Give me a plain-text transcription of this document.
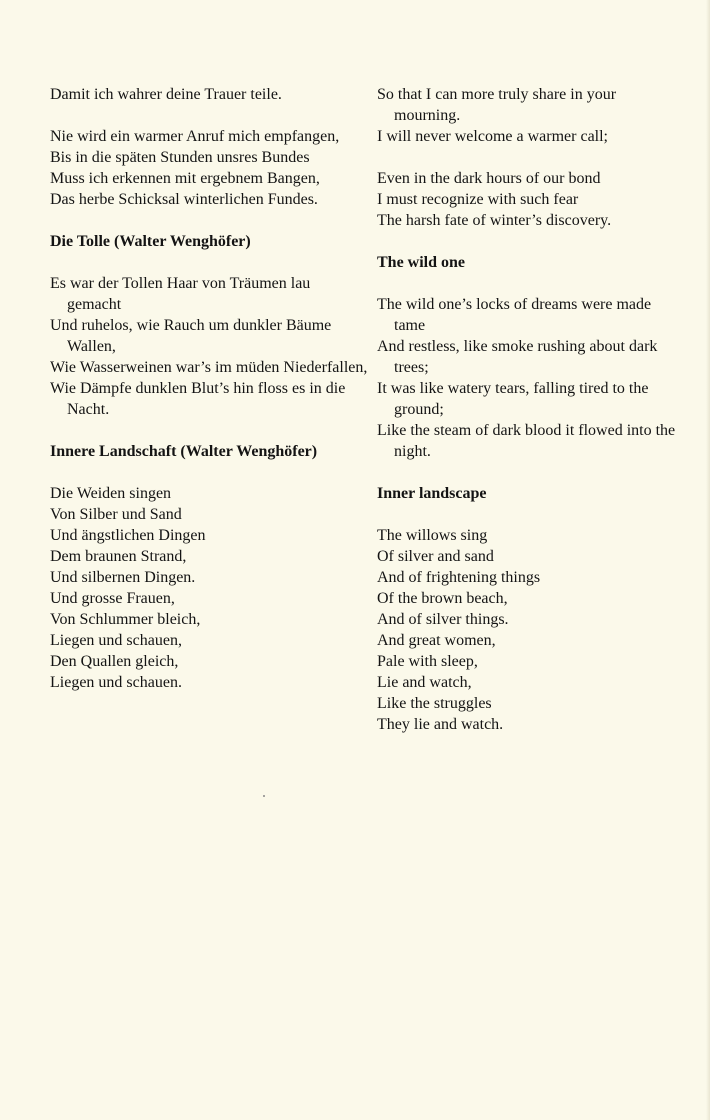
Damit ich wahrer deine Trauer teile.
Nie wird ein warmer Anruf mich empfangen,
Bis in die späten Stunden unsres Bundes
Muss ich erkennen mit ergebnem Bangen,
Das herbe Schicksal winterlichen Fundes.
Die Tolle (Walter Wenghöfer)
Es war der Tollen Haar von Träumen lau gemacht
Und ruhelos, wie Rauch um dunkler Bäume Wallen,
Wie Wasserweinen war’s im müden Niederfallen,
Wie Dämpfe dunklen Blut’s hin floss es in die Nacht.
Innere Landschaft (Walter Wenghöfer)
Die Weiden singen
Von Silber und Sand
Und ängstlichen Dingen
Dem braunen Strand,
Und silbernen Dingen.
Und grosse Frauen,
Von Schlummer bleich,
Liegen und schauen,
Den Quallen gleich,
Liegen und schauen.
So that I can more truly share in your mourning.
I will never welcome a warmer call;
Even in the dark hours of our bond
I must recognize with such fear
The harsh fate of winter’s discovery.
The wild one
The wild one’s locks of dreams were made tame
And restless, like smoke rushing about dark trees;
It was like watery tears, falling tired to the ground;
Like the steam of dark blood it flowed into the night.
Inner landscape
The willows sing
Of silver and sand
And of frightening things
Of the brown beach,
And of silver things.
And great women,
Pale with sleep,
Lie and watch,
Like the struggles
They lie and watch.
